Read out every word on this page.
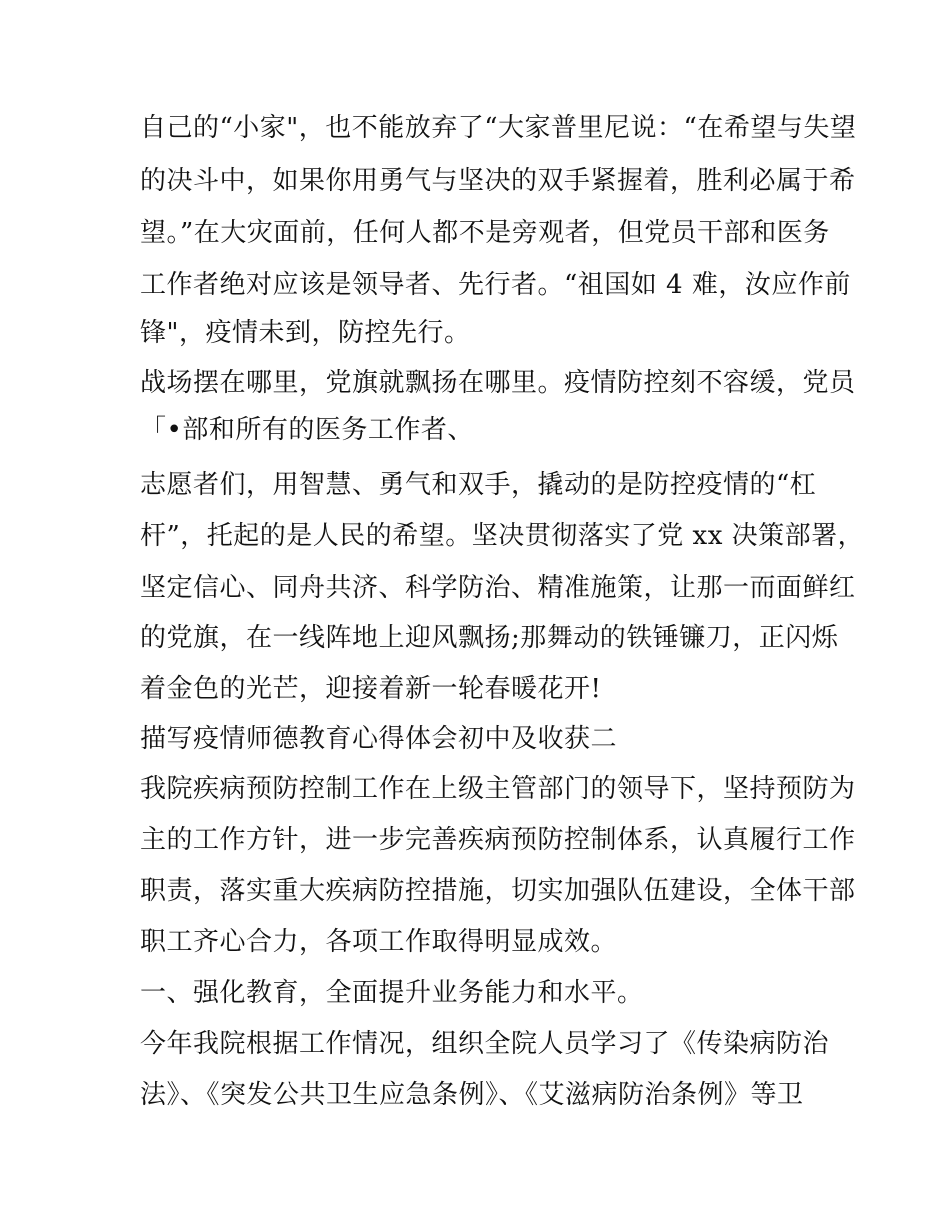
自己的“小家"，也不能放弃了“大家普里尼说：“在希望与失望
的决斗中，如果你用勇气与坚决的双手紧握着，胜利必属于希
望。”在大灾面前，任何人都不是旁观者，但党员干部和医务
工作者绝对应该是领导者、先行者。“祖国如 4 难，汝应作前
锋"，疫情未到，防控先行。
战场摆在哪里，党旗就飘扬在哪里。疫情防控刻不容缓，党员
「•部和所有的医务工作者、
志愿者们，用智慧、勇气和双手，撬动的是防控疫情的“杠
杆”，托起的是人民的希望。坚决贯彻落实了党 xx 决策部署，
坚定信心、同舟共济、科学防治、精准施策，让那一而面鲜红
的党旗，在一线阵地上迎风飘扬;那舞动的铁锤镰刀，正闪烁
着金色的光芒，迎接着新一轮春暖花开!
描写疫情师德教育心得体会初中及收获二
我院疾病预防控制工作在上级主管部门的领导下，坚持预防为
主的工作方针，进一步完善疾病预防控制体系，认真履行工作
职责，落实重大疾病防控措施，切实加强队伍建设，全体干部
职工齐心合力，各项工作取得明显成效。
一、强化教育，全面提升业务能力和水平。
今年我院根据工作情况，组织全院人员学习了《传染病防治
法》、《突发公共卫生应急条例》、《艾滋病防治条例》等卫
